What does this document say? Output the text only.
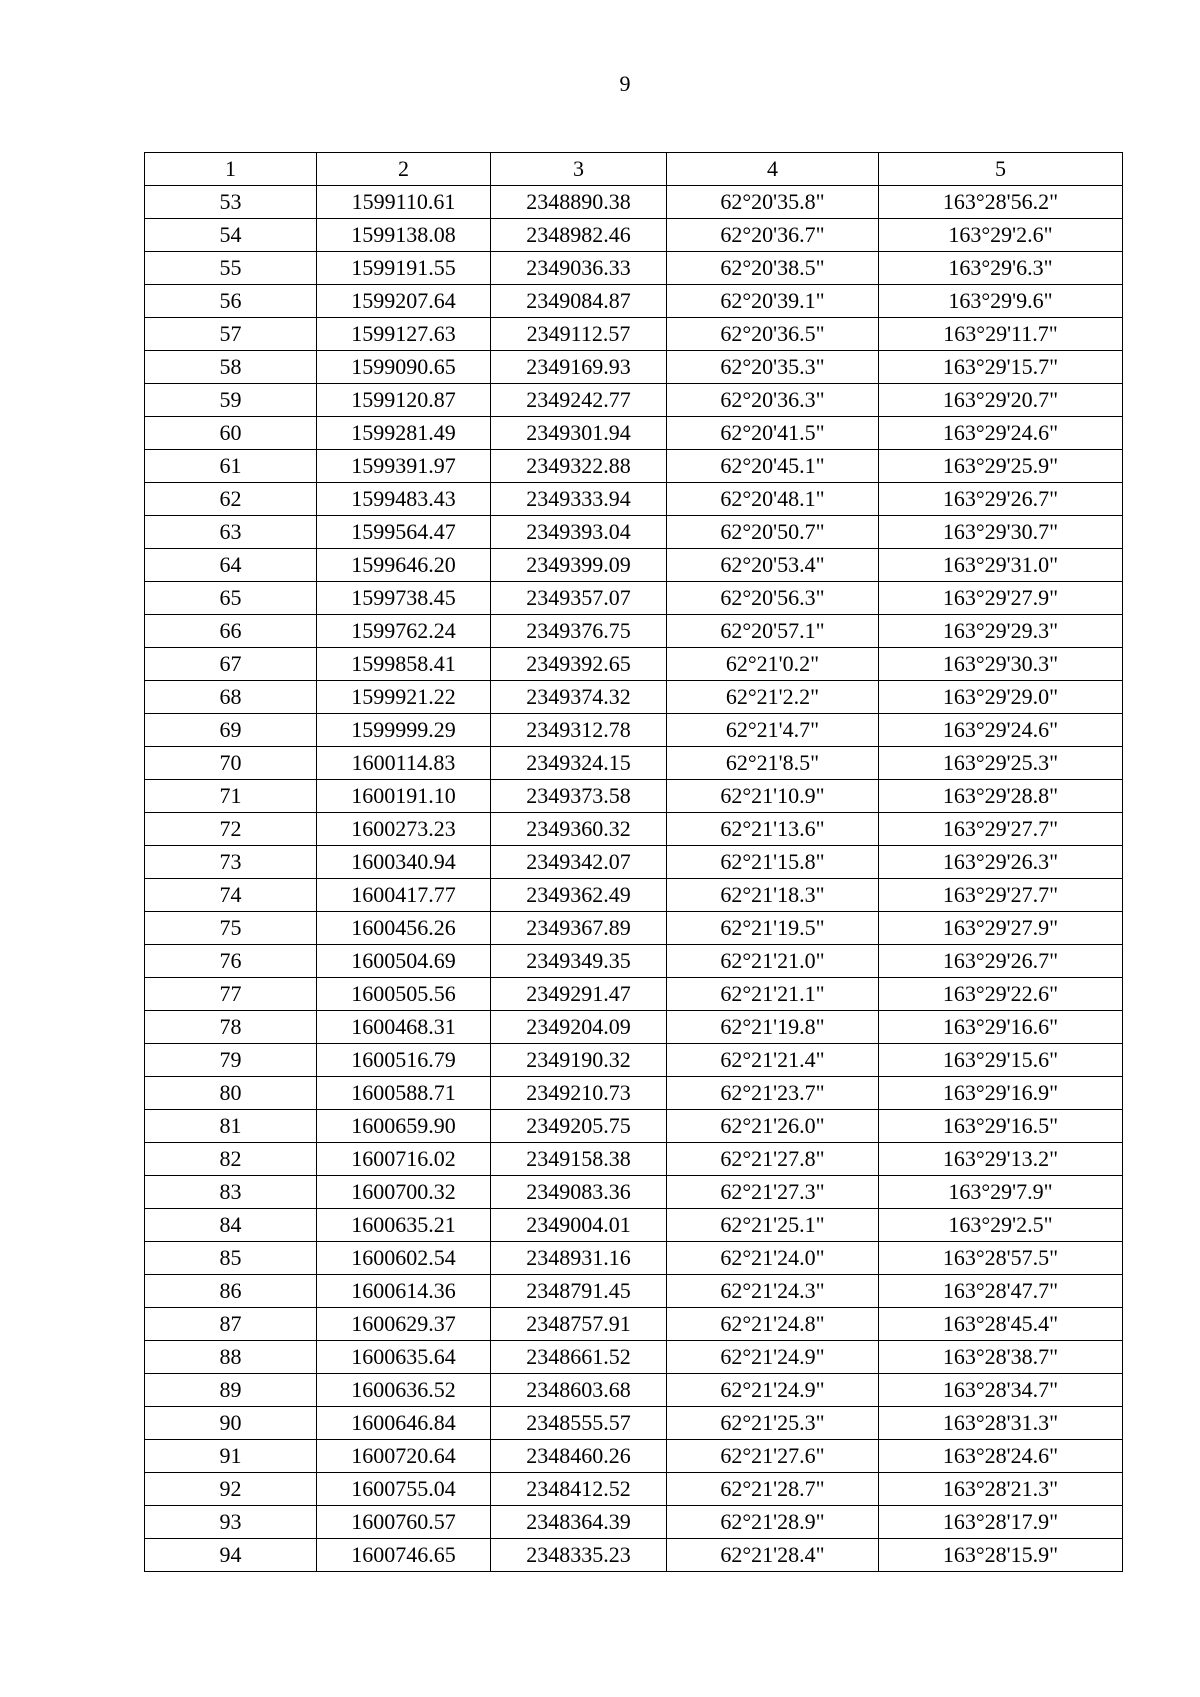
9
1	2	3	4	5
53	1599110.61	2348890.38	62°20'35.8"	163°28'56.2"
54	1599138.08	2348982.46	62°20'36.7"	163°29'2.6"
55	1599191.55	2349036.33	62°20'38.5"	163°29'6.3"
56	1599207.64	2349084.87	62°20'39.1"	163°29'9.6"
57	1599127.63	2349112.57	62°20'36.5"	163°29'11.7"
58	1599090.65	2349169.93	62°20'35.3"	163°29'15.7"
59	1599120.87	2349242.77	62°20'36.3"	163°29'20.7"
60	1599281.49	2349301.94	62°20'41.5"	163°29'24.6"
61	1599391.97	2349322.88	62°20'45.1"	163°29'25.9"
62	1599483.43	2349333.94	62°20'48.1"	163°29'26.7"
63	1599564.47	2349393.04	62°20'50.7"	163°29'30.7"
64	1599646.20	2349399.09	62°20'53.4"	163°29'31.0"
65	1599738.45	2349357.07	62°20'56.3"	163°29'27.9"
66	1599762.24	2349376.75	62°20'57.1"	163°29'29.3"
67	1599858.41	2349392.65	62°21'0.2"	163°29'30.3"
68	1599921.22	2349374.32	62°21'2.2"	163°29'29.0"
69	1599999.29	2349312.78	62°21'4.7"	163°29'24.6"
70	1600114.83	2349324.15	62°21'8.5"	163°29'25.3"
71	1600191.10	2349373.58	62°21'10.9"	163°29'28.8"
72	1600273.23	2349360.32	62°21'13.6"	163°29'27.7"
73	1600340.94	2349342.07	62°21'15.8"	163°29'26.3"
74	1600417.77	2349362.49	62°21'18.3"	163°29'27.7"
75	1600456.26	2349367.89	62°21'19.5"	163°29'27.9"
76	1600504.69	2349349.35	62°21'21.0"	163°29'26.7"
77	1600505.56	2349291.47	62°21'21.1"	163°29'22.6"
78	1600468.31	2349204.09	62°21'19.8"	163°29'16.6"
79	1600516.79	2349190.32	62°21'21.4"	163°29'15.6"
80	1600588.71	2349210.73	62°21'23.7"	163°29'16.9"
81	1600659.90	2349205.75	62°21'26.0"	163°29'16.5"
82	1600716.02	2349158.38	62°21'27.8"	163°29'13.2"
83	1600700.32	2349083.36	62°21'27.3"	163°29'7.9"
84	1600635.21	2349004.01	62°21'25.1"	163°29'2.5"
85	1600602.54	2348931.16	62°21'24.0"	163°28'57.5"
86	1600614.36	2348791.45	62°21'24.3"	163°28'47.7"
87	1600629.37	2348757.91	62°21'24.8"	163°28'45.4"
88	1600635.64	2348661.52	62°21'24.9"	163°28'38.7"
89	1600636.52	2348603.68	62°21'24.9"	163°28'34.7"
90	1600646.84	2348555.57	62°21'25.3"	163°28'31.3"
91	1600720.64	2348460.26	62°21'27.6"	163°28'24.6"
92	1600755.04	2348412.52	62°21'28.7"	163°28'21.3"
93	1600760.57	2348364.39	62°21'28.9"	163°28'17.9"
94	1600746.65	2348335.23	62°21'28.4"	163°28'15.9"
